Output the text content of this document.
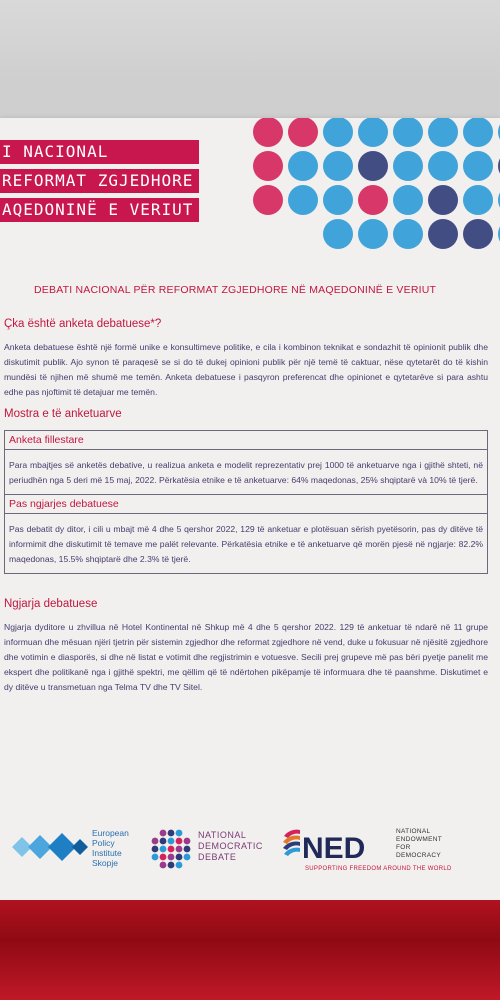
I NACIONAL
REFORMAT ZGJEDHORE
AQEDONINË E VERIUT
DEBATI NACIONAL PËR REFORMAT ZGJEDHORE NË MAQEDONINË E VERIUT
Çka është anketa debatuese*?

Anketa debatuese është një formë unike e konsultimeve politike, e cila i kombinon teknikat e sondazhit të opinionit publik dhe diskutimit publik. Ajo synon të paraqesë se si do të dukej opinioni publik për një temë të caktuar, nëse qytetarët do të kishin mundësi të njihen më shumë me temën. Anketa debatuese i pasqyron preferencat dhe opinionet e qytetarëve si para ashtu edhe pas njoftimit të detajuar me temën.

Mostra e të anketuarve
Anketa fillestare

Para mbajtjes së anketës debative, u realizua anketa e modelit reprezentativ prej 1000 të anketuarve nga i gjithë shteti, në periudhën nga 5 deri më 15 maj, 2022. Përkatësia etnike e të anketuarve: 64% maqedonas, 25% shqiptarë và 10% të tjerë.

Pas ngjarjes debatuese

Pas debatit dy ditor, i cili u mbajt më 4 dhe 5 qershor 2022, 129 të anketuar e plotësuan sërish pyetësorin, pas dy ditëve të informimit dhe diskutimit të temave me palët relevante. Përkatësia etnike e të anketuarve që morën pjesë në ngjarje: 82.2% maqedonas, 15.5% shqiptarë dhe 2.3% të tjerë.

Ngjarja debatuese

Ngjarja dyditore u zhvillua në Hotel Kontinental në Shkup më 4 dhe 5 qershor 2022. 129 të anketuar të ndarë në 11 grupe informuan dhe mësuan njëri tjetrin për sistemin zgjedhor dhe reformat zgjedhore në vend, duke u fokusuar në njësitë zgjedhore dhe votimin e diasporës, si dhe në listat e votimit dhe regjistrimin e votuesve. Secili prej grupeve më pas bëri pyetje panelit me ekspert dhe politikanë nga i gjithë spektri, me qëllim që të ndërtohen pikëpamje të informuara dhe të paanshme. Diskutimet e dy ditëve u transmetuan nga Telma TV dhe TV Sitel.

European
Policy
Institute
Skopje
NATIONAL
DEMOCRATIC
DEBATE	NED
NATIONAL
ENDOWMENT
FOR
DEMOCRACY
SUPPORTING FREEDOM AROUND THE WORLD
